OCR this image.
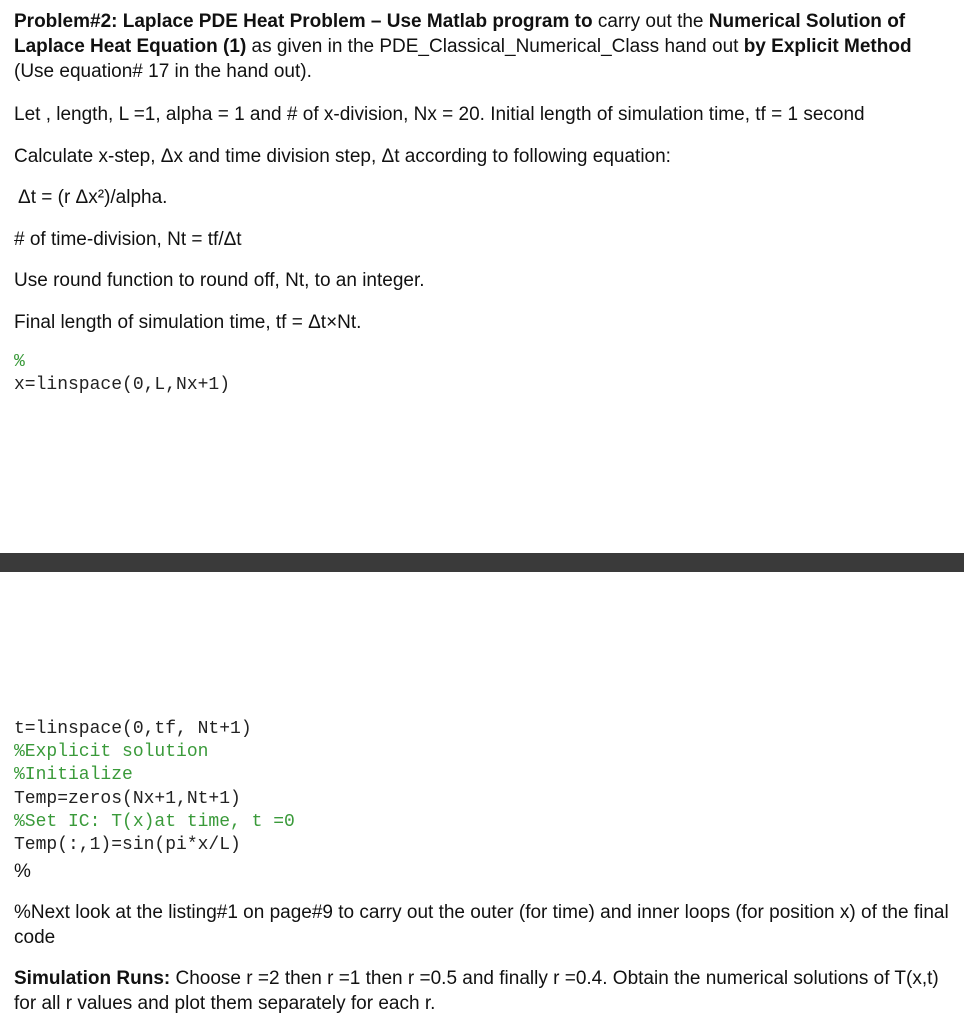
Problem#2: Laplace PDE Heat Problem – Use Matlab program to carry out the Numerical Solution of Laplace Heat Equation (1) as given in the PDE_Classical_Numerical_Class hand out by Explicit Method (Use equation# 17 in the hand out).

Let , length, L =1, alpha = 1 and # of x-division, Nx = 20. Initial length of simulation time, tf = 1 second
Calculate x-step, Δx and time division step, Δt according to following equation:
Δt = (r Δx²)/alpha.
# of time-division, Nt = tf/Δt
Use round function to round off, Nt, to an integer.
Final length of simulation time, tf = Δt×Nt.
%
x=linspace(0,L,Nx+1)
t=linspace(0,tf, Nt+1)
%Explicit solution
%Initialize
Temp=zeros(Nx+1,Nt+1)
%Set IC: T(x)at time, t =0
Temp(:,1)=sin(pi*x/L)
%
%Next look at the listing#1 on page#9 to carry out the outer (for time) and inner loops (for position x) of the final code
Simulation Runs: Choose r =2 then r =1 then r =0.5 and finally r =0.4. Obtain the numerical solutions of T(x,t) for all r values and plot them separately for each r.
